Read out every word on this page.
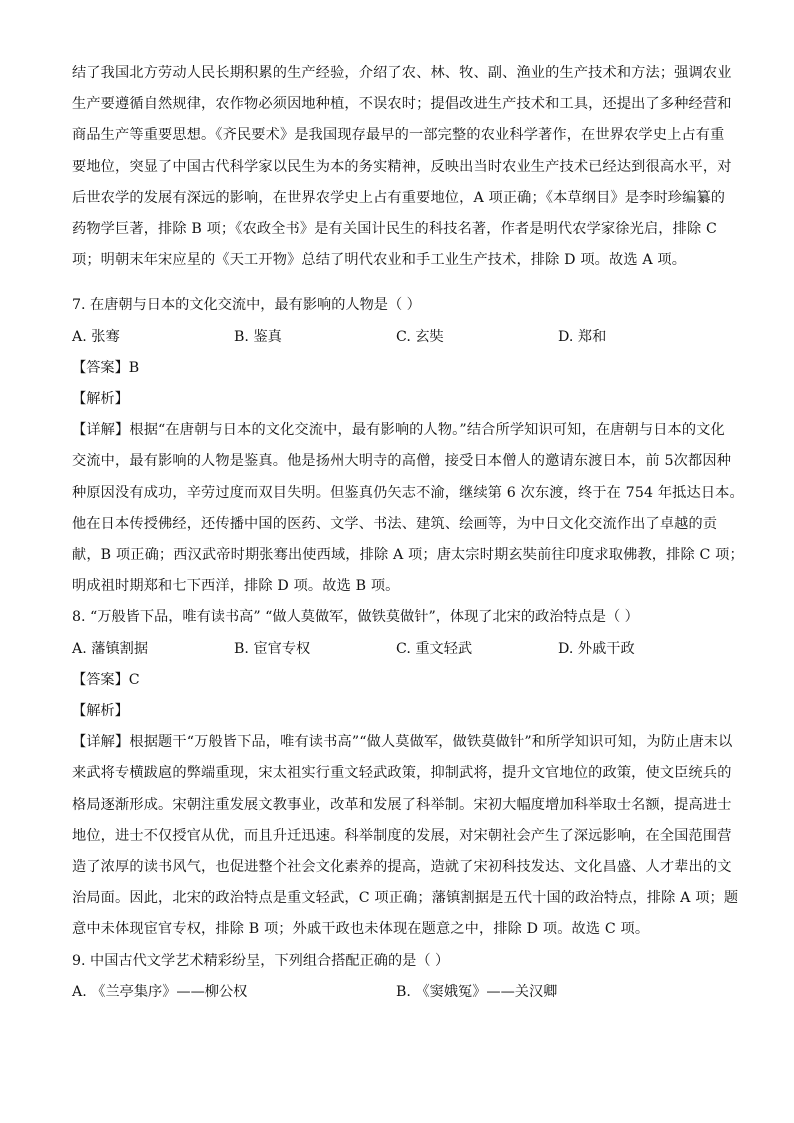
结了我国北方劳动人民长期积累的生产经验，介绍了农、林、牧、副、渔业的生产技术和方法；强调农业

生产要遵循自然规律，农作物必须因地种植，不误农时；提倡改进生产技术和工具，还提出了多种经营和

商品生产等重要思想。《齐民要术》是我国现存最早的一部完整的农业科学著作，在世界农学史上占有重

要地位，突显了中国古代科学家以民生为本的务实精神，反映出当时农业生产技术已经达到很高水平，对

后世农学的发展有深远的影响，在世界农学史上占有重要地位，A 项正确；《本草纲目》是李时珍编纂的

药物学巨著，排除 B 项；《农政全书》是有关国计民生的科技名著，作者是明代农学家徐光启，排除 C

项；明朝末年宋应星的《天工开物》总结了明代农业和手工业生产技术，排除 D 项。故选 A 项。

7. 在唐朝与日本的文化交流中，最有影响的人物是（ ）
A. 张骞	B. 鉴真	C. 玄奘	D. 郑和
【答案】B
【解析】

【详解】根据“在唐朝与日本的文化交流中，最有影响的人物。”结合所学知识可知，在唐朝与日本的文化

交流中，最有影响的人物是鉴真。他是扬州大明寺的高僧，接受日本僧人的邀请东渡日本，前 5次都因种

种原因没有成功，辛劳过度而双目失明。但鉴真仍矢志不渝，继续第 6 次东渡，终于在 754 年抵达日本。

他在日本传授佛经，还传播中国的医药、文学、书法、建筑、绘画等，为中日文化交流作出了卓越的贡

献，B 项正确；西汉武帝时期张骞出使西域，排除 A 项；唐太宗时期玄奘前往印度求取佛教，排除 C 项；

明成祖时期郑和七下西洋，排除 D 项。故选 B 项。

8. “万般皆下品，唯有读书高” “做人莫做军，做铁莫做针”，体现了北宋的政治特点是（ ）
A. 藩镇割据	B. 宦官专权	C. 重文轻武	D. 外戚干政
【答案】C
【解析】

【详解】根据题干“万般皆下品，唯有读书高”“做人莫做军，做铁莫做针”和所学知识可知，为防止唐末以

来武将专横跋扈的弊端重现，宋太祖实行重文轻武政策，抑制武将，提升文官地位的政策，使文臣统兵的

格局逐渐形成。宋朝注重发展文教事业，改革和发展了科举制。宋初大幅度增加科举取士名额，提高进士

地位，进士不仅授官从优，而且升迁迅速。科举制度的发展，对宋朝社会产生了深远影响，在全国范围营

造了浓厚的读书风气，也促进整个社会文化素养的提高，造就了宋初科技发达、文化昌盛、人才辈出的文

治局面。因此，北宋的政治特点是重文轻武，C 项正确；藩镇割据是五代十国的政治特点，排除 A 项；题

意中未体现宦官专权，排除 B 项；外戚干政也未体现在题意之中，排除 D 项。故选 C 项。

9. 中国古代文学艺术精彩纷呈，下列组合搭配正确的是（ ）
A. 《兰亭集序》——柳公权	B. 《窦娥冤》——关汉卿
